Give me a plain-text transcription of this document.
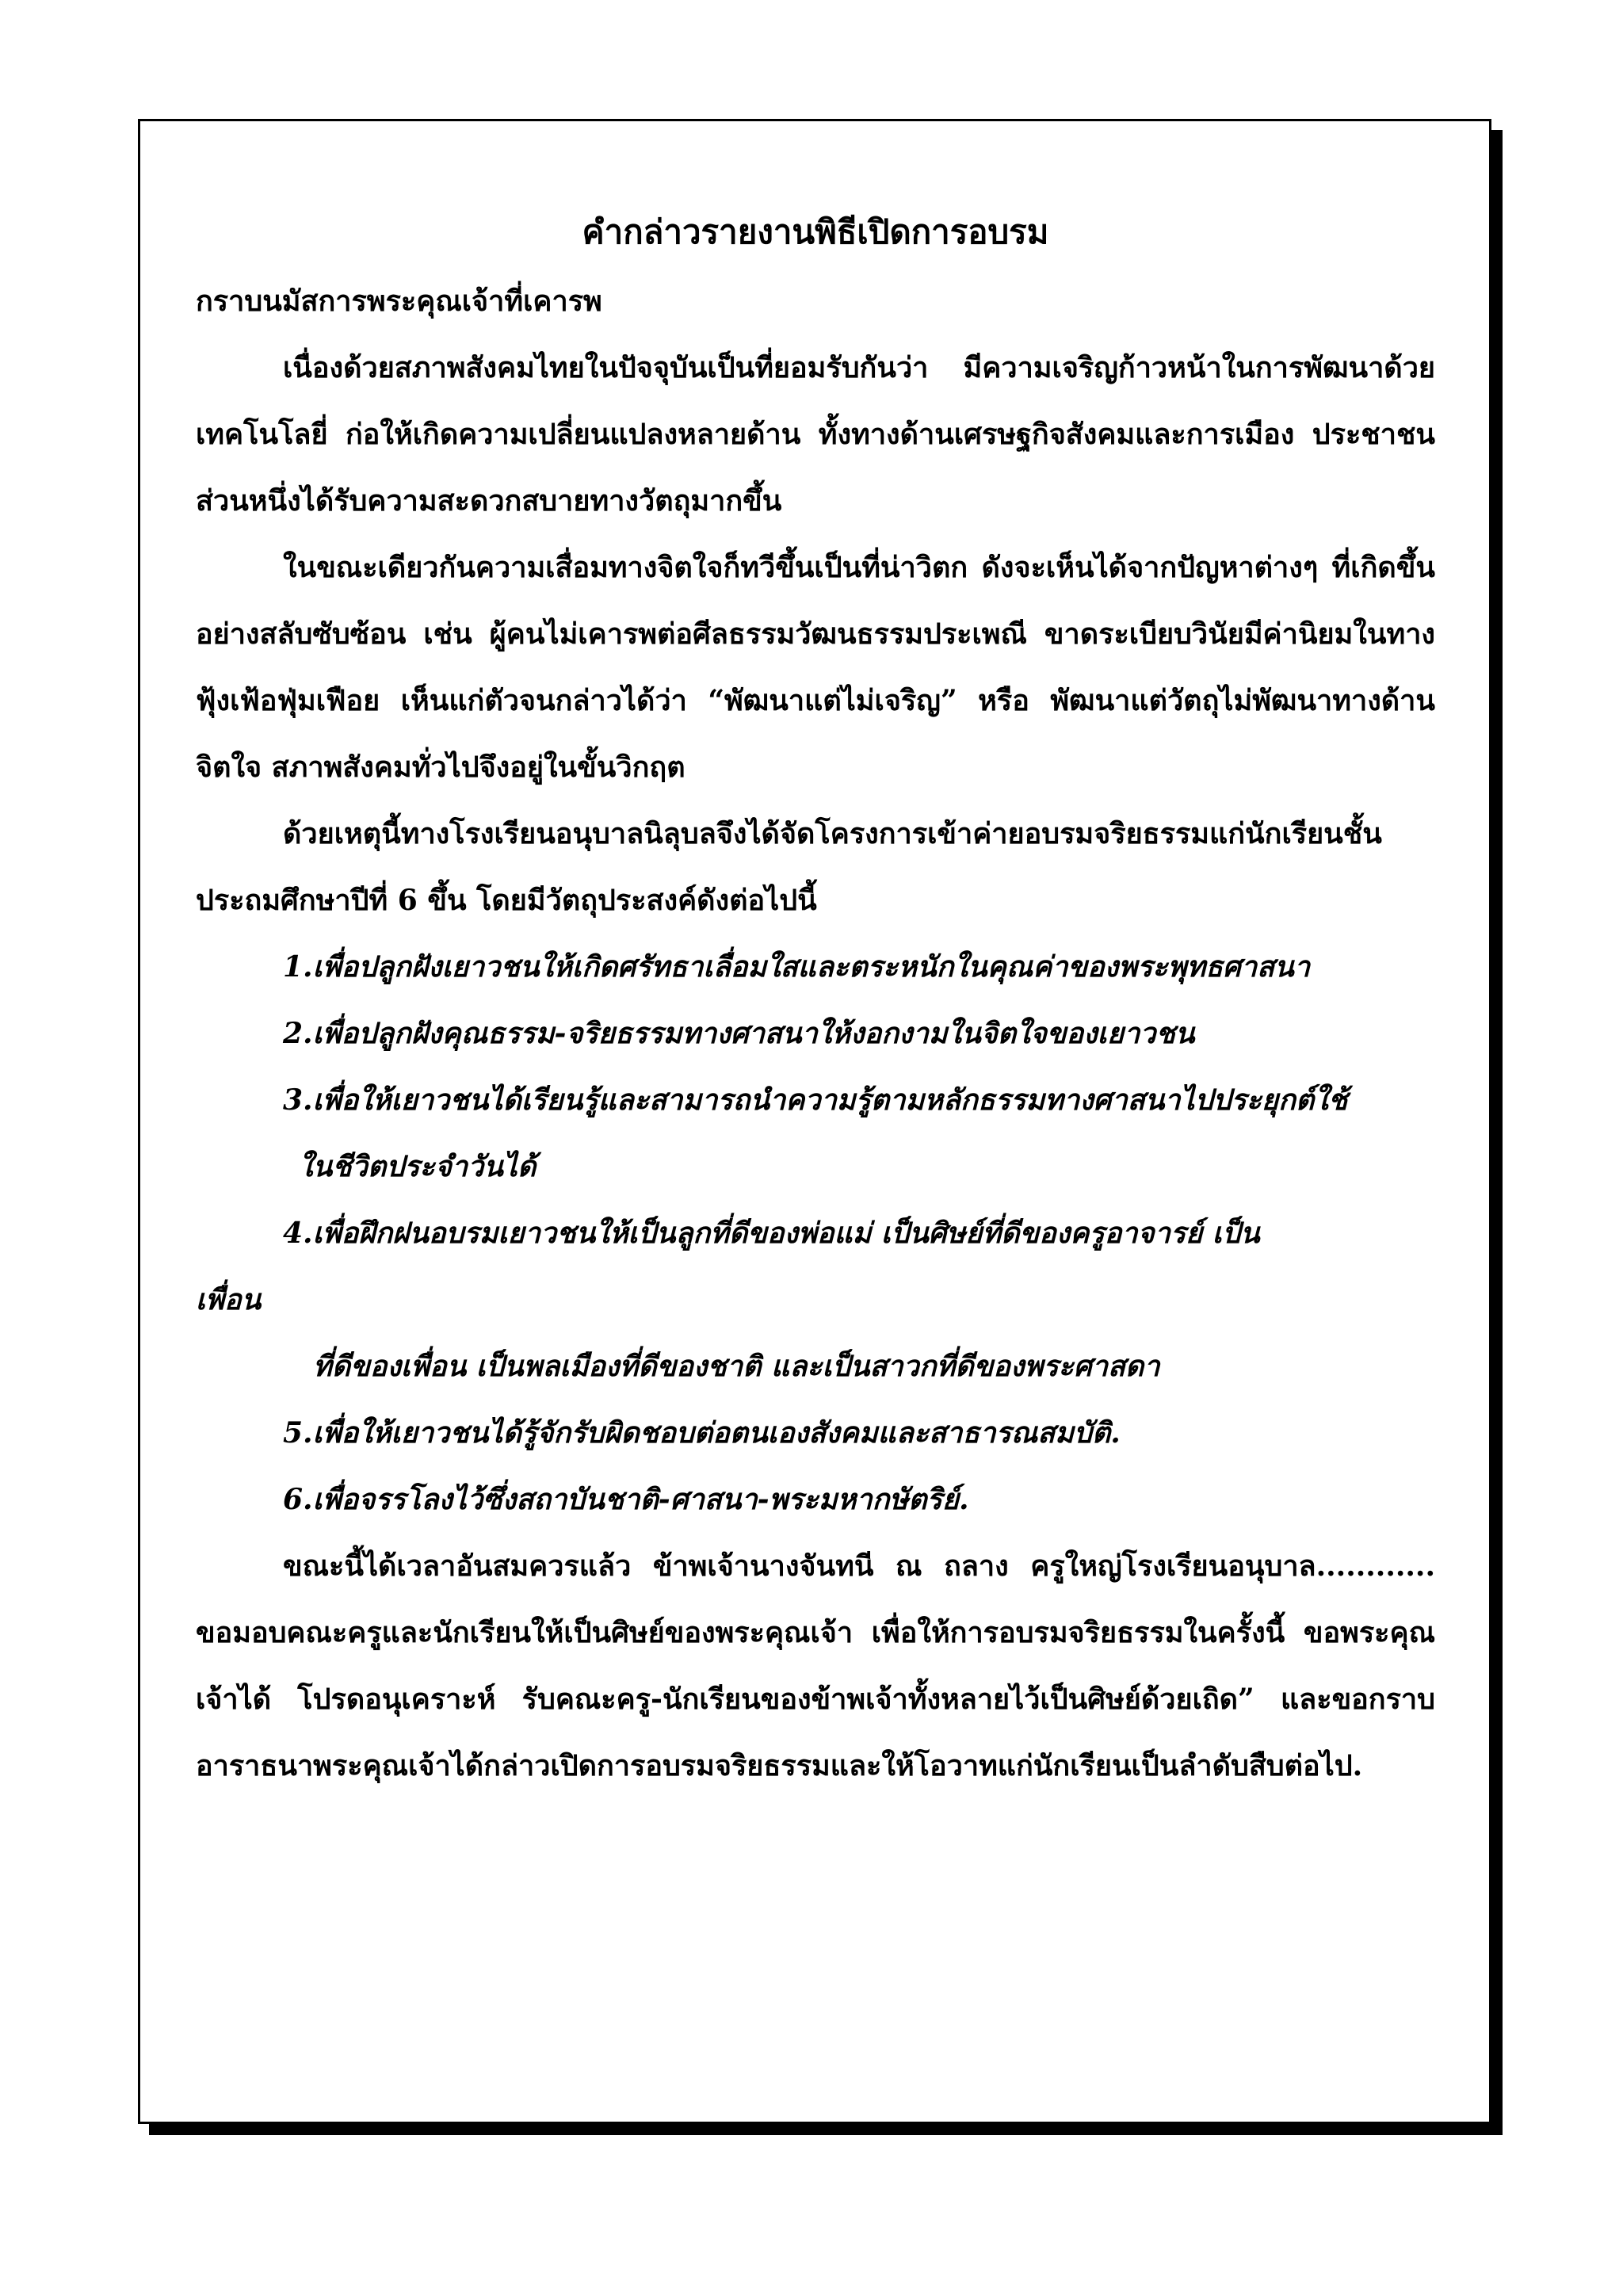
คำกล่าวรายงานพิธีเปิดการอบรม

กราบนมัสการพระคุณเจ้าที่เคารพ

เนื่องด้วยสภาพสังคมไทยในปัจจุบันเป็นที่ยอมรับกันว่า มีความเจริญก้าวหน้าในการพัฒนาด้วยเทคโนโลยี่ ก่อให้เกิดความเปลี่ยนแปลงหลายด้าน ทั้งทางด้านเศรษฐกิจสังคมและการเมือง ประชาชนส่วนหนึ่งได้รับความสะดวกสบายทางวัตถุมากขึ้น

ในขณะเดียวกันความเสื่อมทางจิตใจก็ทวีขึ้นเป็นที่น่าวิตก ดังจะเห็นได้จากปัญหาต่างๆ ที่เกิดขึ้นอย่างสลับซับซ้อน เช่น ผู้คนไม่เคารพต่อศีลธรรมวัฒนธรรมประเพณี ขาดระเบียบวินัยมีค่านิยมในทางฟุ้งเฟ้อฟุ่มเฟือย เห็นแก่ตัวจนกล่าวได้ว่า “พัฒนาแต่ไม่เจริญ” หรือ พัฒนาแต่วัตถุไม่พัฒนาทางด้านจิตใจ สภาพสังคมทั่วไปจึงอยู่ในขั้นวิกฤต

ด้วยเหตุนี้ทางโรงเรียนอนุบาลนิลุบลจึงได้จัดโครงการเข้าค่ายอบรมจริยธรรมแก่นักเรียนชั้นประถมศึกษาปีที่ 6 ขึ้น โดยมีวัตถุประสงค์ดังต่อไปนี้

1.เพื่อปลูกฝังเยาวชนให้เกิดศรัทธาเลื่อมใสและตระหนักในคุณค่าของพระพุทธศาสนา

2.เพื่อปลูกฝังคุณธรรม-จริยธรรมทางศาสนาให้งอกงามในจิตใจของเยาวชน

3.เพื่อให้เยาวชนได้เรียนรู้และสามารถนำความรู้ตามหลักธรรมทางศาสนาไปประยุกต์ใช้

ในชีวิตประจำวันได้

4.เพื่อฝึกฝนอบรมเยาวชนให้เป็นลูกที่ดีของพ่อแม่ เป็นศิษย์ที่ดีของครูอาจารย์ เป็น

เพื่อน

ที่ดีของเพื่อน เป็นพลเมืองที่ดีของชาติ และเป็นสาวกที่ดีของพระศาสดา

5.เพื่อให้เยาวชนได้รู้จักรับผิดชอบต่อตนเองสังคมและสาธารณสมบัติ.

6.เพื่อจรรโลงไว้ซึ่งสถาบันชาติ-ศาสนา-พระมหากษัตริย์.

ขณะนี้ได้เวลาอันสมควรแล้ว ข้าพเจ้านางจันทนี ณ ถลาง ครูใหญ่โรงเรียนอนุบาล............ ขอมอบคณะครูและนักเรียนให้เป็นศิษย์ของพระคุณเจ้า เพื่อให้การอบรมจริยธรรมในครั้งนี้ ขอพระคุณเจ้าได้ โปรดอนุเคราะห์ รับคณะครู-นักเรียนของข้าพเจ้าทั้งหลายไว้เป็นศิษย์ด้วยเถิด” และขอกราบอาราธนาพระคุณเจ้าได้กล่าวเปิดการอบรมจริยธรรมและให้โอวาทแก่นักเรียนเป็นลำดับสืบต่อไป.
